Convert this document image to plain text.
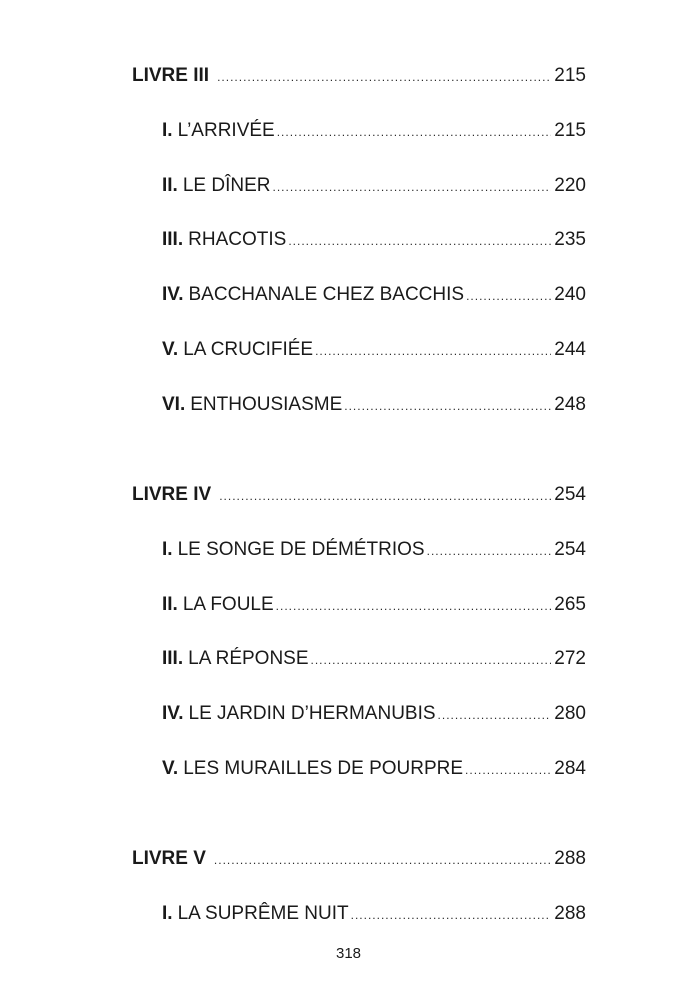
LIVRE III .....	215
I. L’ARRIVÉE .....	215
II. LE DÎNER .....	220
III. RHACOTIS .....	235
IV. BACCHANALE CHEZ BACCHIS .....	240
V. LA CRUCIFIÉE .....	244
VI. ENTHOUSIASME .....	248
LIVRE IV .....	254
I. LE SONGE DE DÉMÉTRIOS .....	254
II. LA FOULE .....	265
III. LA RÉPONSE .....	272
IV. LE JARDIN D’HERMANUBIS .....	280
V. LES MURAILLES DE POURPRE .....	284
LIVRE V .....	288
I. LA SUPRÊME NUIT .....	288
318
